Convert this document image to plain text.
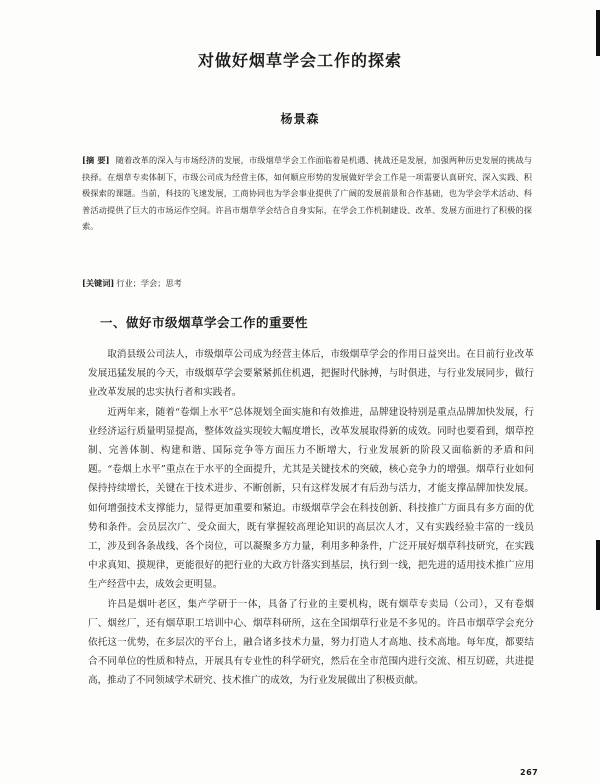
对做好烟草学会工作的探索
杨景森
[摘 要] 随着改革的深入与市场经济的发展，市级烟草学会工作面临着是机遇、挑战还是发展，加强两种历史发展的挑战与抉择。在烟草专卖体制下，市级公司成为经营主体，如何顺应形势的发展做好学会工作是一项需要认真研究、深入实践、积极探索的课题。当前，科技的飞速发展，工商协同也为学会事业提供了广阔的发展前景和合作基础，也为学会学术活动、科普活动提供了巨大的市场运作空间。许昌市烟草学会结合自身实际，在学会工作机制建设、改革、发展方面进行了积极的探索。
[关键词] 行业；学会；思考
一、做好市级烟草学会工作的重要性

取消县级公司法人，市级烟草公司成为经营主体后，市级烟草学会的作用日益突出。在目前行业改革发展迅猛发展的今天，市级烟草学会要紧紧抓住机遇，把握时代脉搏，与时俱进，与行业发展同步，做行业改革发展的忠实执行者和实践者。

近两年来，随着“卷烟上水平”总体规划全面实施和有效推进，品牌建设特别是重点品牌加快发展，行业经济运行质量明显提高，整体效益实现较大幅度增长，改革发展取得新的成效。同时也要看到，烟草控制、完善体制、构建和谐、国际竞争等方面压力不断增大，行业发展新的阶段又面临新的矛盾和问题。“卷烟上水平”重点在于水平的全面提升，尤其是关键技术的突破，核心竞争力的增强。烟草行业如何保持持续增长，关键在于技术进步、不断创新，只有这样发展才有后劲与活力，才能支撑品牌加快发展。如何增强技术支撑能力，显得更加重要和紧迫。市级烟草学会在科技创新、科技推广方面具有多方面的优势和条件。会员层次广、受众面大，既有掌握较高理论知识的高层次人才，又有实践经验丰富的一线员工，涉及到各条战线、各个岗位，可以凝聚多方力量，利用多种条件，广泛开展好烟草科技研究，在实践中求真知、摸规律，更能很好的把行业的大政方针落实到基层，执行到一线，把先进的适用技术推广应用生产经营中去，成效会更明显。

许昌是烟叶老区，集产学研于一体，具备了行业的主要机构，既有烟草专卖局（公司），又有卷烟厂、烟丝厂，还有烟草职工培训中心、烟草科研所，这在全国烟草行业是不多见的。许昌市烟草学会充分依托这一优势，在多层次的平台上，融合诸多技术力量，努力打造人才高地、技术高地。每年度，都要结合不同单位的性质和特点，开展具有专业性的科学研究，然后在全市范围内进行交流、相互切磋，共进提高，推动了不同领域学术研究、技术推广的成效，为行业发展做出了积极贡献。

267
